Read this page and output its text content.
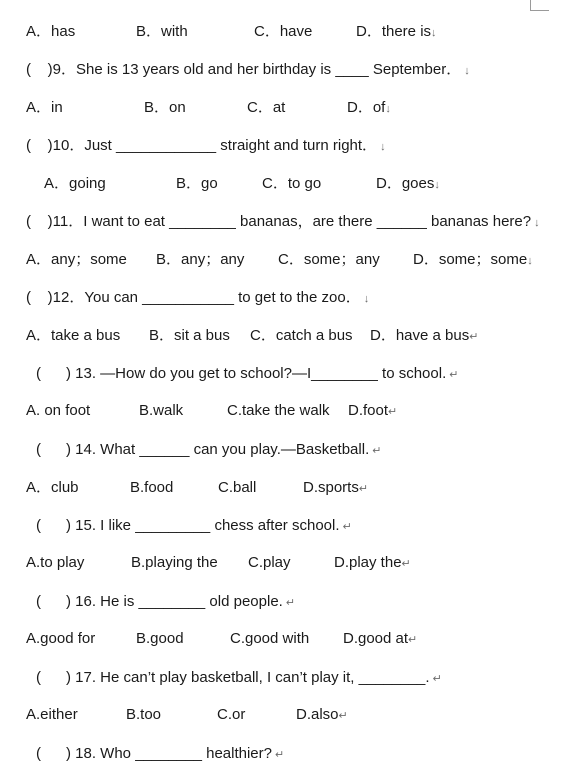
A．has	B．with	C．have	D．there is↓
(    )9．She is 13 years old and her birthday is ____ September． ↓
A．in	B．on	C．at	D．of↓
(    )10．Just ____________ straight and turn right． ↓
A．going	B．go	C．to go	D．goes↓
(    )11．I want to eat ________ bananas，are there ______ bananas here? ↓
A．any；some B．any；any C．some；any D．some；some↓
(    )12．You can ___________ to get to the zoo． ↓
A．take a bus B．sit a bus C．catch a bus D．have a bus↵
(      ) 13. —How do you get to school?—I________ to school. ↵
A. on foot	B.walk	C.take the walk D.foot↵
(      ) 14. What ______ can you play.—Basketball. ↵
A．club	B.food	C.ball	D.sports↵
(      ) 15. I like _________ chess after school. ↵
A.to play	B.playing the C.play	D.play the↵
(      ) 16. He is ________ old people. ↵
A.good for	B.good	C.good with D.good at↵
(      ) 17. He can’t play basketball, I can’t play it, ________. ↵
A.either	B.too	C.or	D.also↵
(      ) 18. Who ________ healthier? ↵
